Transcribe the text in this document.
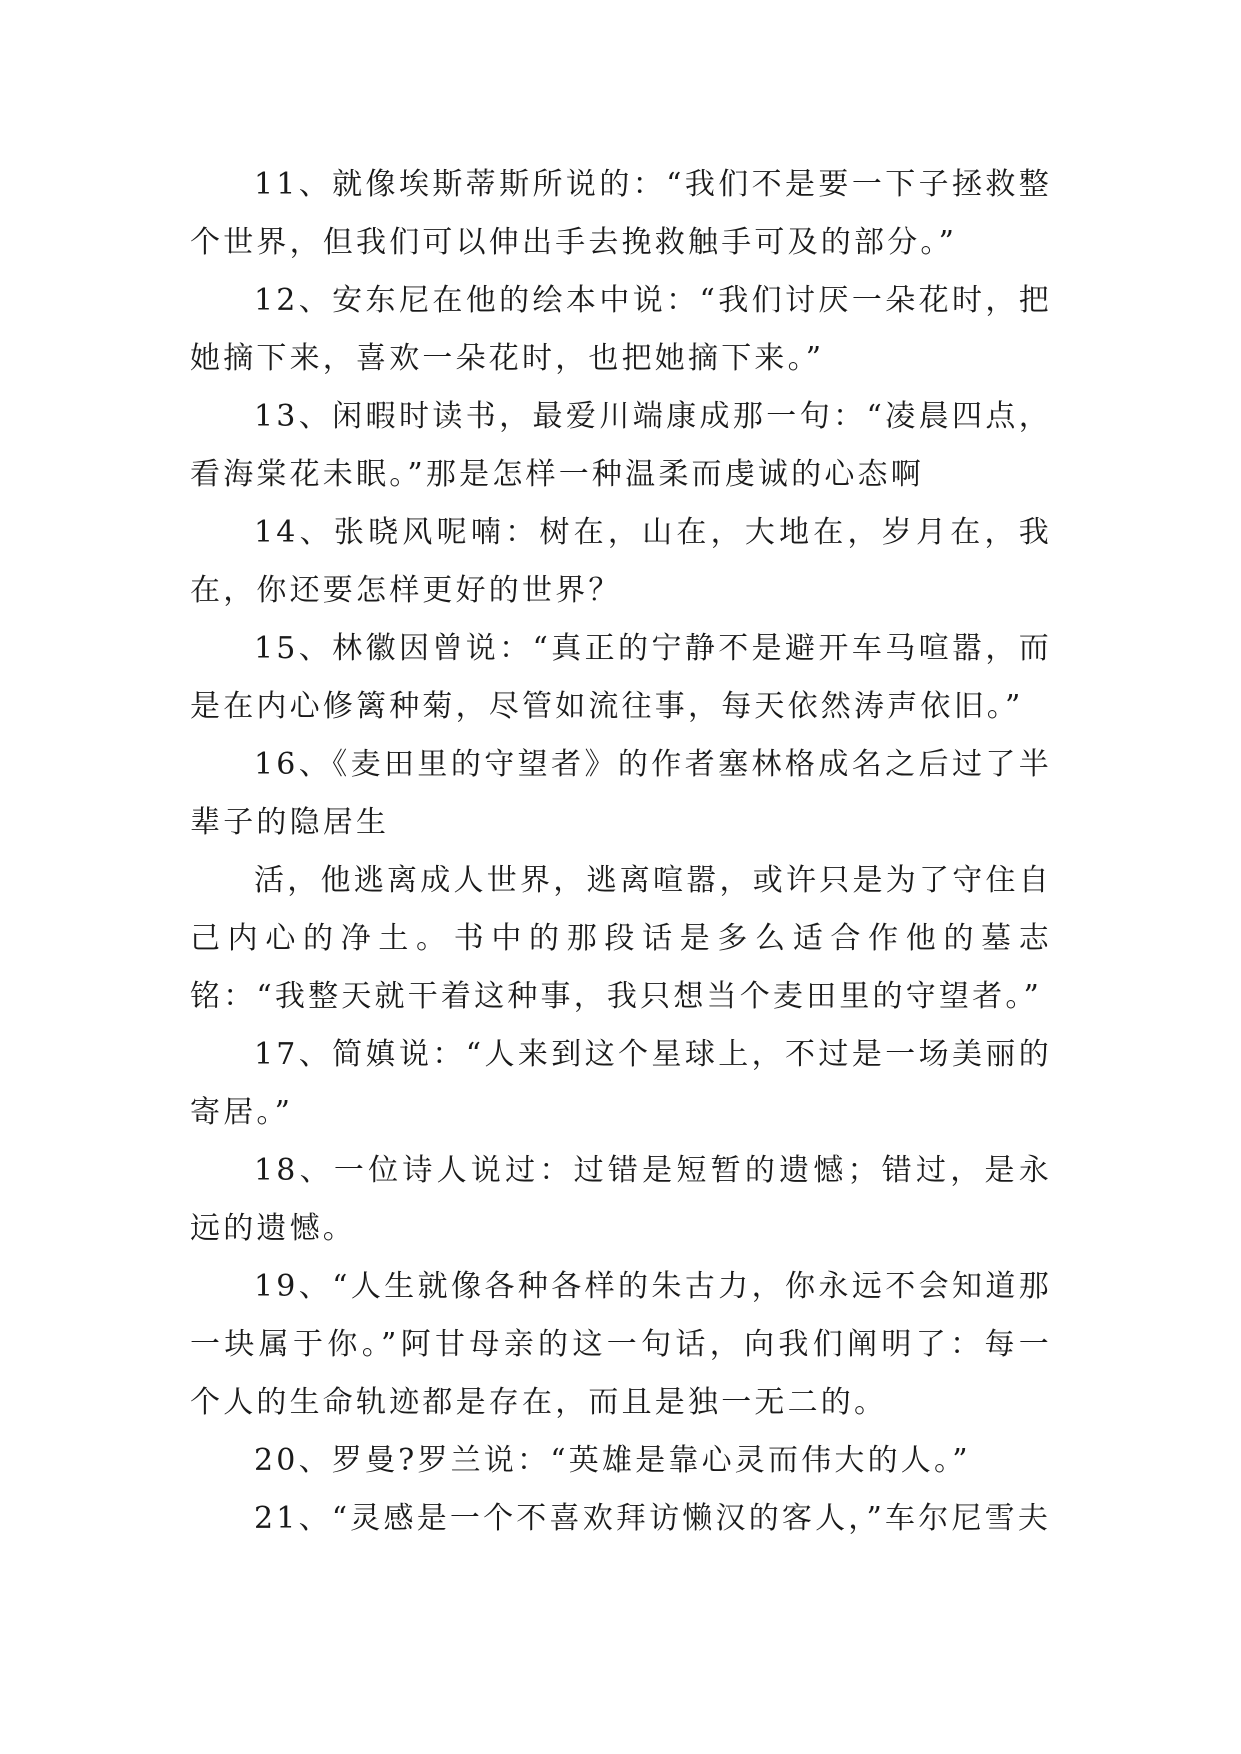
11、就像埃斯蒂斯所说的：“我们不是要一下子拯救整个世界，但我们可以伸出手去挽救触手可及的部分。”

12、安东尼在他的绘本中说：“我们讨厌一朵花时，把她摘下来，喜欢一朵花时，也把她摘下来。”

13、闲暇时读书，最爱川端康成那一句：“凌晨四点，看海棠花未眠。”那是怎样一种温柔而虔诚的心态啊

14、张晓风呢喃：树在，山在，大地在，岁月在，我在，你还要怎样更好的世界？

15、林徽因曾说：“真正的宁静不是避开车马喧嚣，而是在内心修篱种菊，尽管如流往事，每天依然涛声依旧。”

16、《麦田里的守望者》的作者塞林格成名之后过了半辈子的隐居生

活，他逃离成人世界，逃离喧嚣，或许只是为了守住自己内心的净土。书中的那段话是多么适合作他的墓志铭：“我整天就干着这种事，我只想当个麦田里的守望者。”

17、简嫃说：“人来到这个星球上，不过是一场美丽的寄居。”

18、一位诗人说过：过错是短暂的遗憾；错过，是永远的遗憾。

19、“人生就像各种各样的朱古力，你永远不会知道那一块属于你。”阿甘母亲的这一句话，向我们阐明了：每一个人的生命轨迹都是存在，而且是独一无二的。

20、罗曼?罗兰说：“英雄是靠心灵而伟大的人。”

21、“灵感是一个不喜欢拜访懒汉的客人，”车尔尼雪夫
